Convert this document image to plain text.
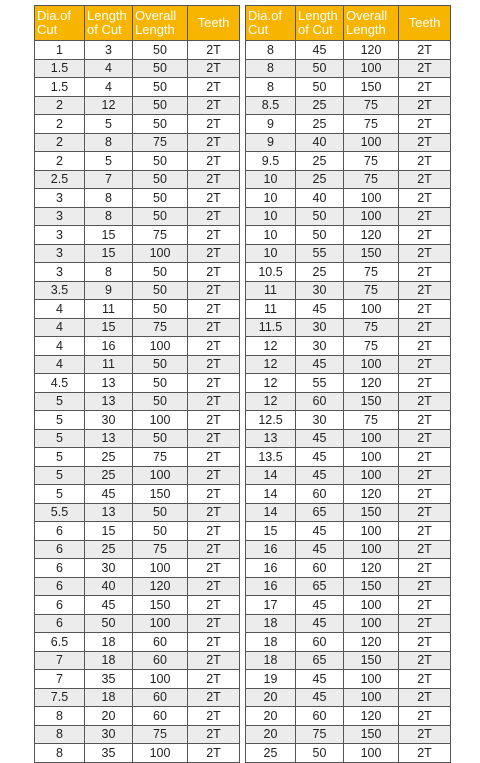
Dia.of Cut	Length of Cut	Overall Length	Teeth
1	3	50	2T
1.5	4	50	2T
1.5	4	50	2T
2	12	50	2T
2	5	50	2T
2	8	75	2T
2	5	50	2T
2.5	7	50	2T
3	8	50	2T
3	8	50	2T
3	15	75	2T
3	15	100	2T
3	8	50	2T
3.5	9	50	2T
4	11	50	2T
4	15	75	2T
4	16	100	2T
4	11	50	2T
4.5	13	50	2T
5	13	50	2T
5	30	100	2T
5	13	50	2T
5	25	75	2T
5	25	100	2T
5	45	150	2T
5.5	13	50	2T
6	15	50	2T
6	25	75	2T
6	30	100	2T
6	40	120	2T
6	45	150	2T
6	50	100	2T
6.5	18	60	2T
7	18	60	2T
7	35	100	2T
7.5	18	60	2T
8	20	60	2T
8	30	75	2T
8	35	100	2T
Dia.of Cut	Length of Cut	Overall Length	Teeth
8	45	120	2T
8	50	100	2T
8	50	150	2T
8.5	25	75	2T
9	25	75	2T
9	40	100	2T
9.5	25	75	2T
10	25	75	2T
10	40	100	2T
10	50	100	2T
10	50	120	2T
10	55	150	2T
10.5	25	75	2T
11	30	75	2T
11	45	100	2T
11.5	30	75	2T
12	30	75	2T
12	45	100	2T
12	55	120	2T
12	60	150	2T
12.5	30	75	2T
13	45	100	2T
13.5	45	100	2T
14	45	100	2T
14	60	120	2T
14	65	150	2T
15	45	100	2T
16	45	100	2T
16	60	120	2T
16	65	150	2T
17	45	100	2T
18	45	100	2T
18	60	120	2T
18	65	150	2T
19	45	100	2T
20	45	100	2T
20	60	120	2T
20	75	150	2T
25	50	100	2T
